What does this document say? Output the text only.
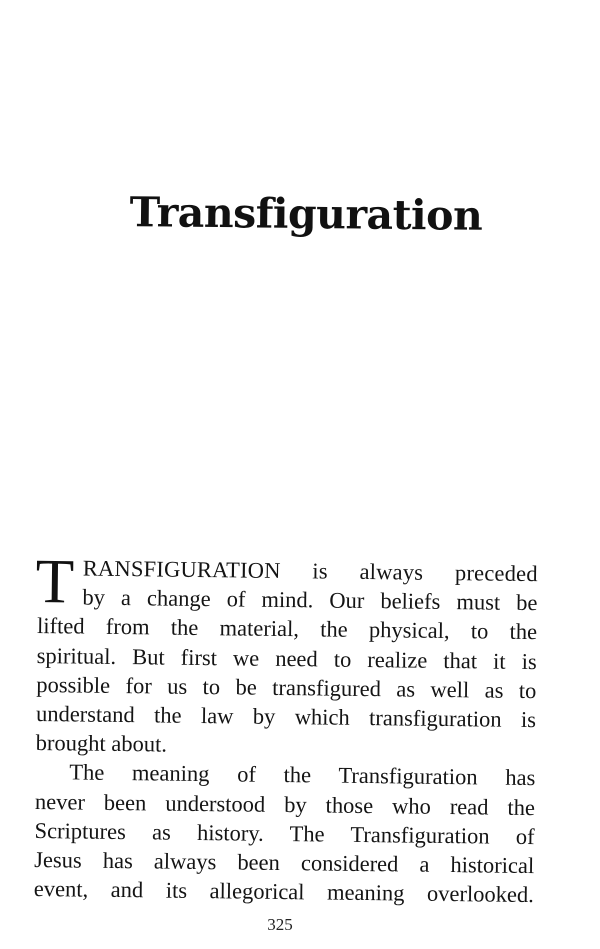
Transfiguration
T RANSFIGURATION is always preceded
by a change of mind. Our beliefs must be
lifted from the material, the physical, to the
spiritual. But first we need to realize that it is
possible for us to be transfigured as well as to
understand the law by which transfiguration is
brought about.
The meaning of the Transfiguration has
never been understood by those who read the
Scriptures as history. The Transfiguration of
Jesus has always been considered a historical
event, and its allegorical meaning overlooked.
325
